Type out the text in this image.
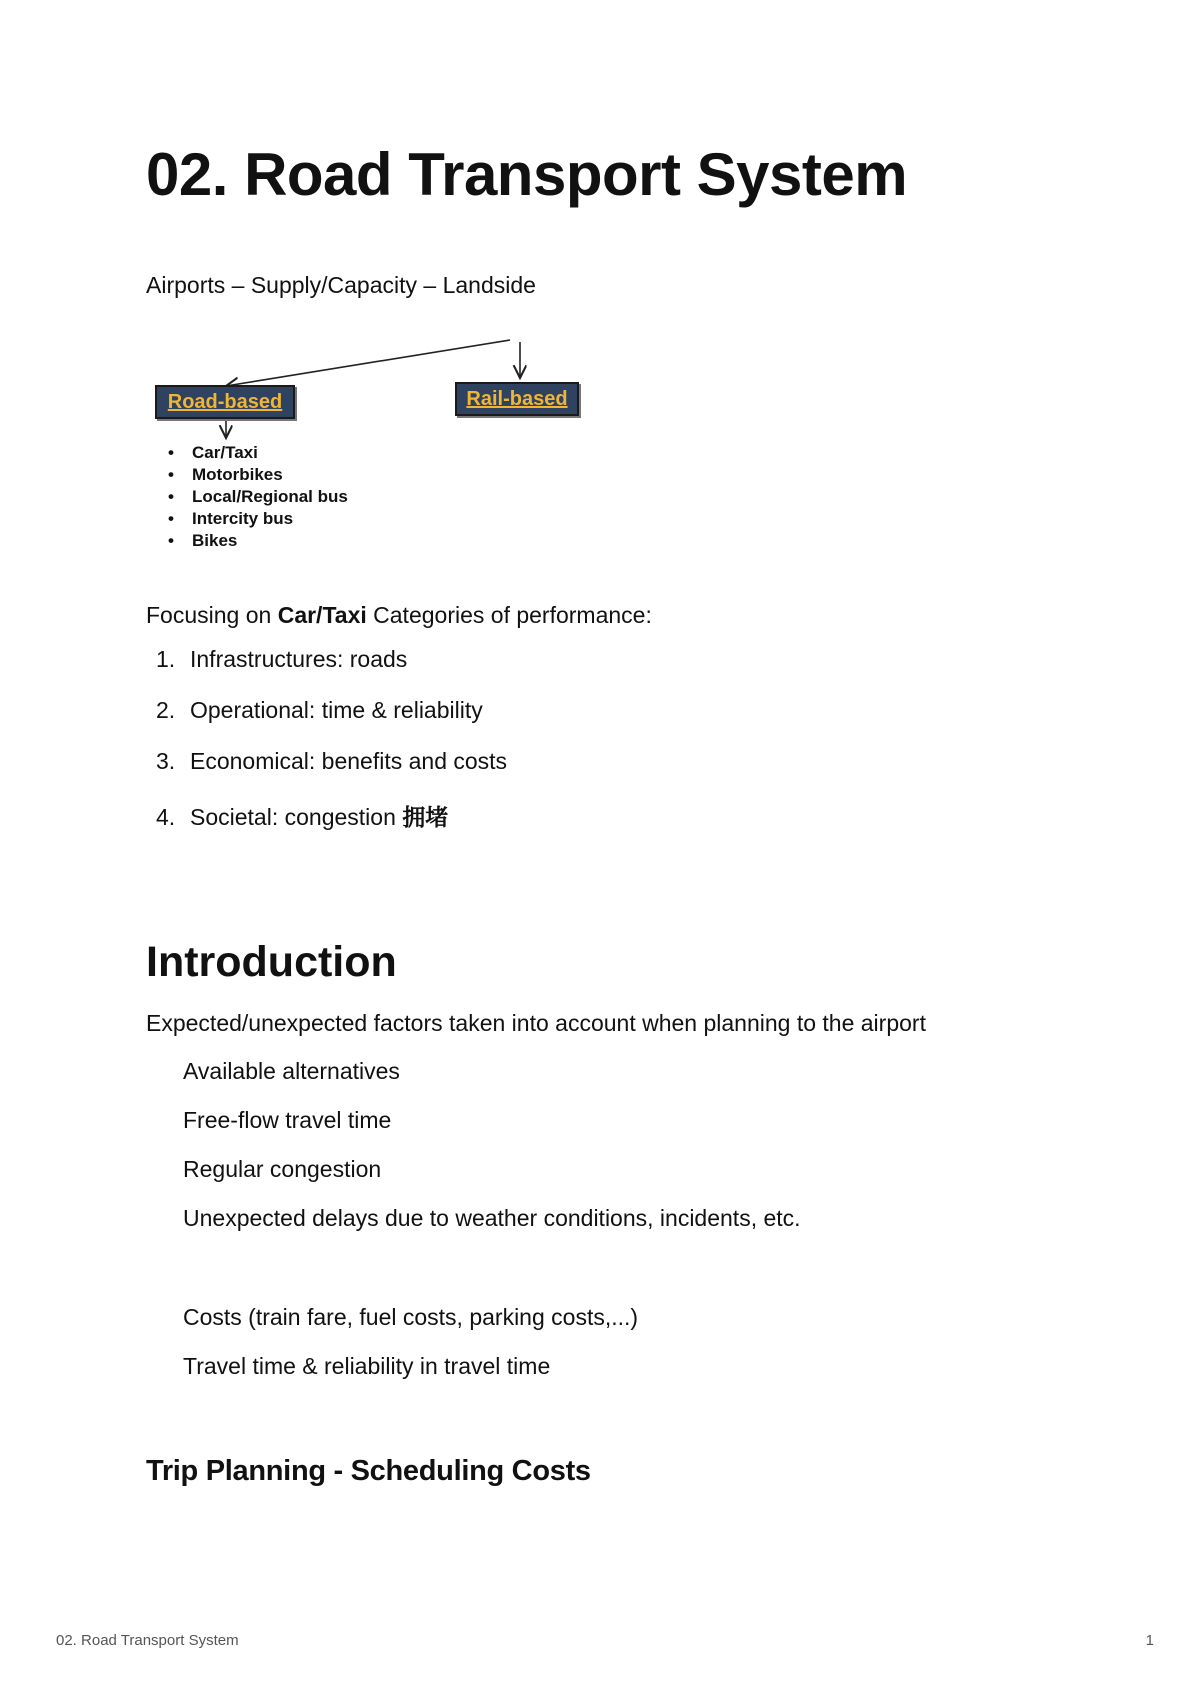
02. Road Transport System
Airports – Supply/Capacity – Landside
Road-based	Rail-based
• Car/Taxi
• Motorbikes
• Local/Regional bus
• Intercity bus
• Bikes
Focusing on Car/Taxi Categories of performance:
1. Infrastructures: roads
2. Operational: time & reliability
3. Economical: benefits and costs
4. Societal: congestion 拥堵
Introduction
Expected/unexpected factors taken into account when planning to the airport
Available alternatives
Free-flow travel time
Regular congestion
Unexpected delays due to weather conditions, incidents, etc.
Costs (train fare, fuel costs, parking costs,...)
Travel time & reliability in travel time
Trip Planning - Scheduling Costs
02. Road Transport System	1
